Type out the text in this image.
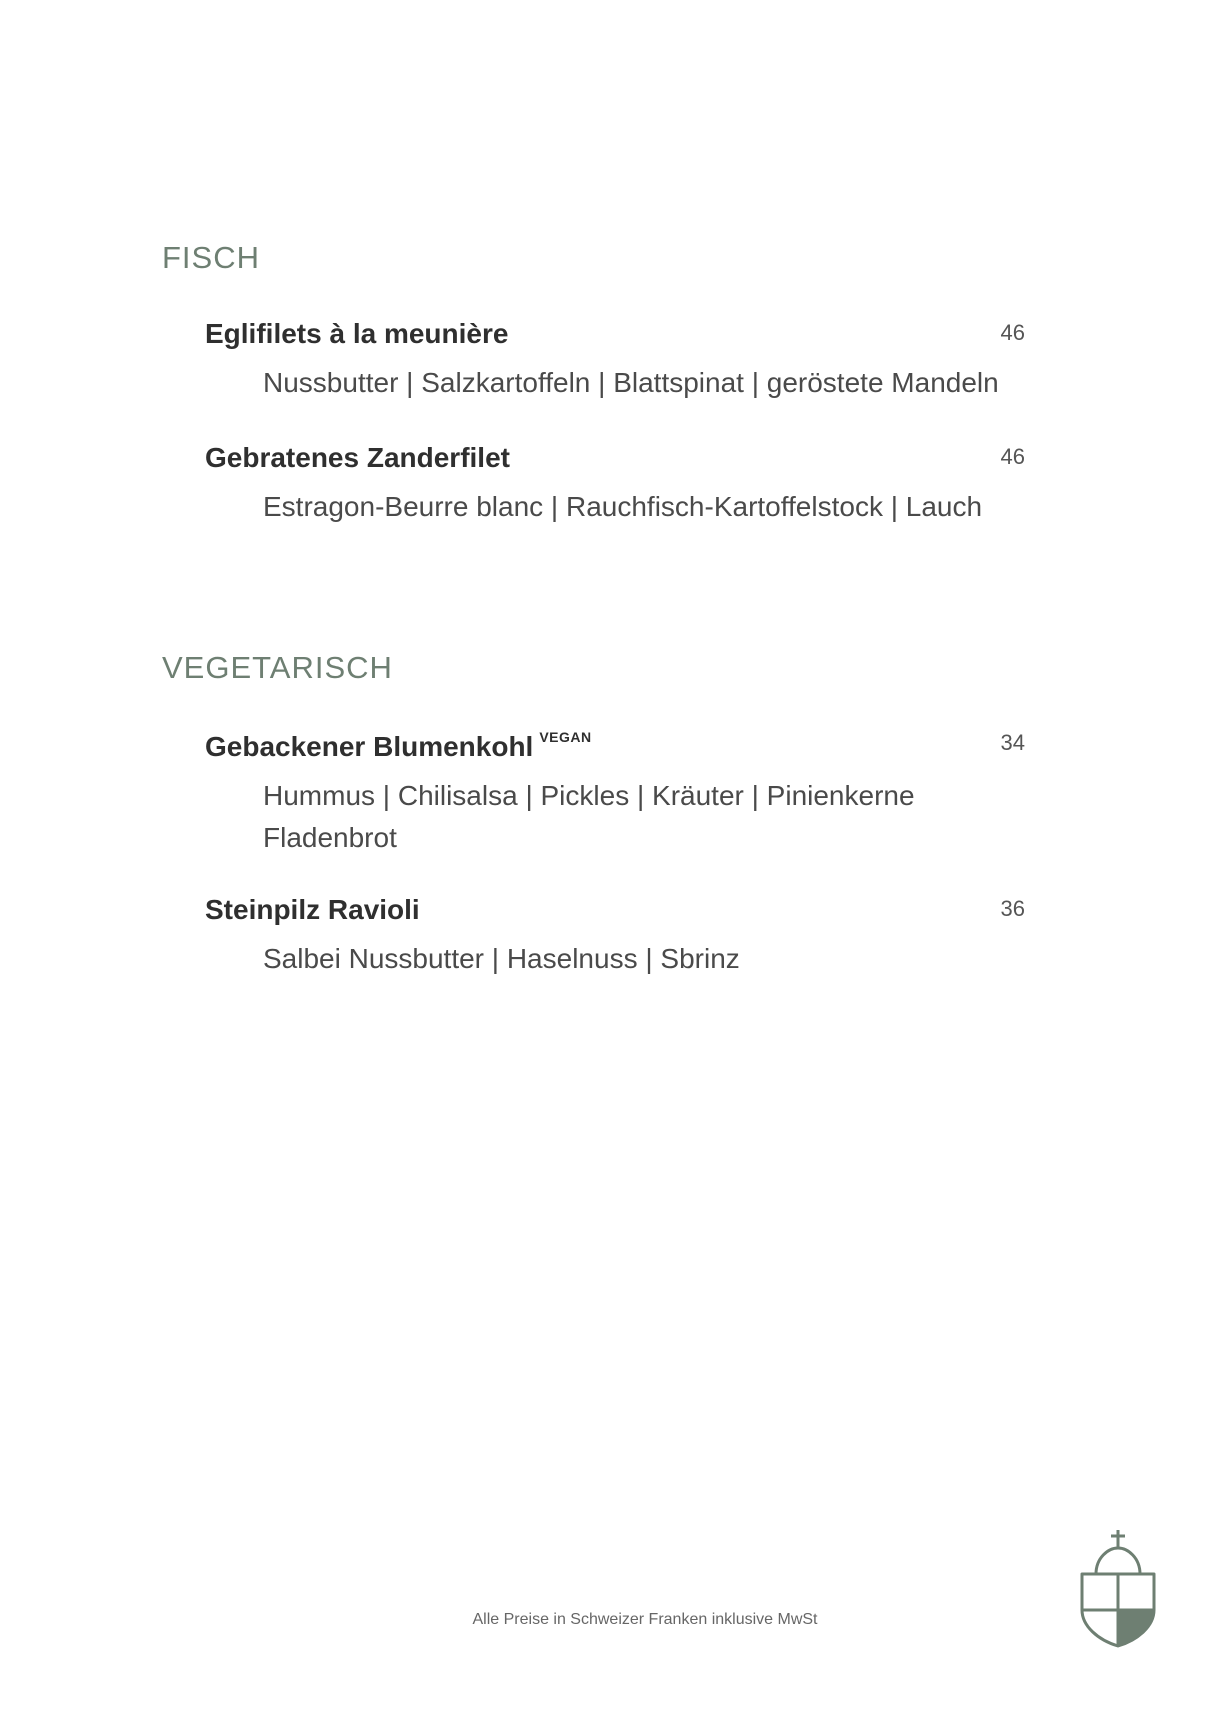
FISCH
Eglifilets à la meunière	46
Nussbutter | Salzkartoffeln | Blattspinat | geröstete Mandeln
Gebratenes Zanderfilet	46
Estragon-Beurre blanc | Rauchfisch-Kartoffelstock | Lauch
VEGETARISCH
Gebackener Blumenkohl $^{VEGAN}$	34
Hummus | Chilisalsa | Pickles | Kräuter | Pinienkerne
Fladenbrot
Steinpilz Ravioli	36
Salbei Nussbutter | Haselnuss | Sbrinz

Alle Preise in Schweizer Franken inklusive MwSt
